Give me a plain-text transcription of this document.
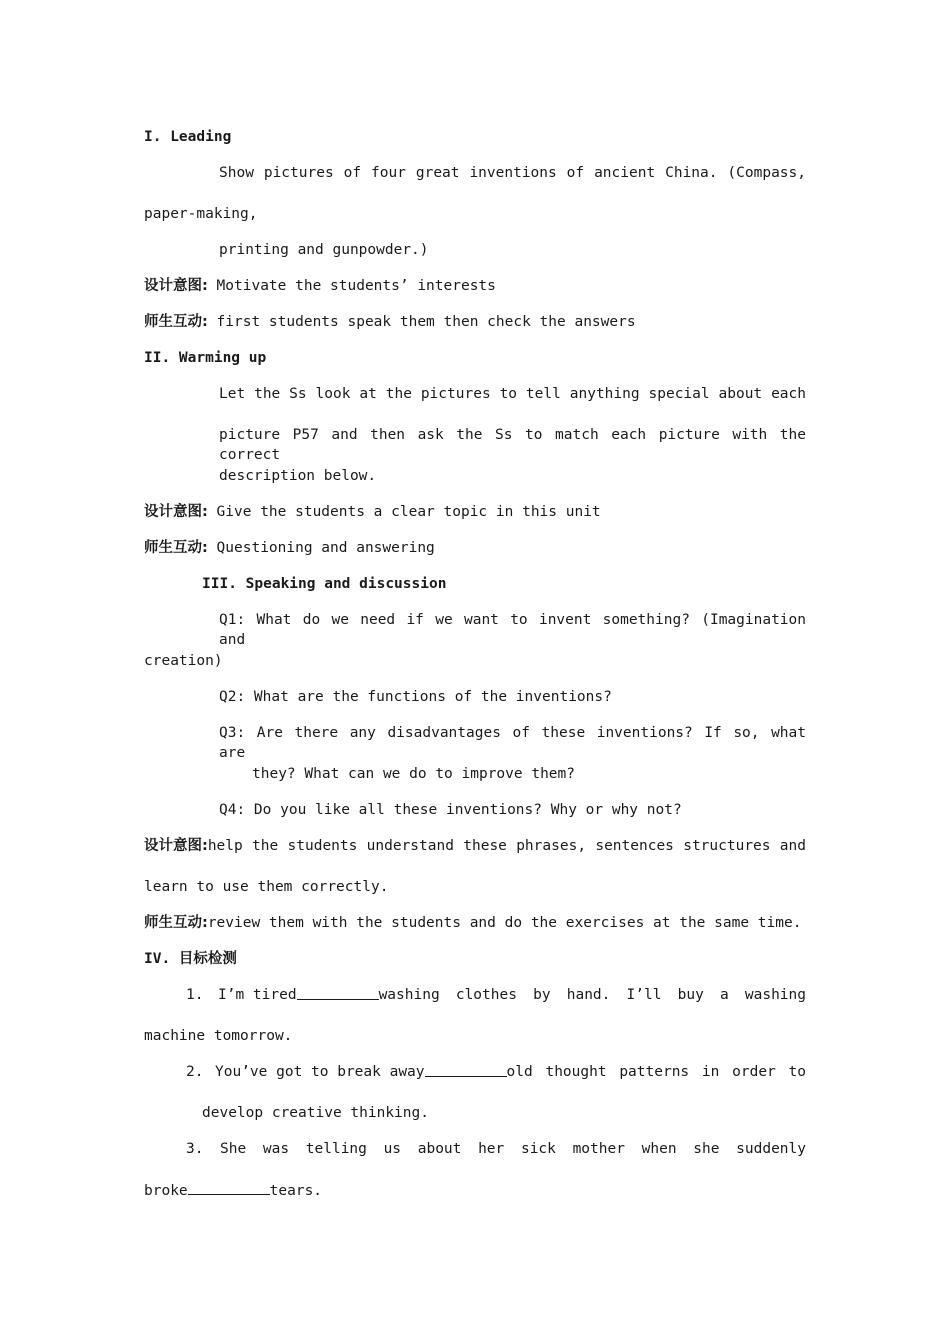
I. Leading
Show pictures of four great inventions of ancient China. (Compass,
paper-making,
printing and gunpowder.)
设计意图: Motivate the students’ interests
师生互动: first students speak them then check the answers
II. Warming up
Let the Ss look at the pictures to tell anything special about each
picture P57 and then ask the Ss to match each picture with the correct
description below.
设计意图: Give the students a clear topic in this unit
师生互动: Questioning and answering
III. Speaking and discussion
Q1: What do we need if we want to invent something? (Imagination and
creation)
Q2: What are the functions of the inventions?
Q3: Are there any disadvantages of these inventions? If so, what are
they? What can we do to improve them?
Q4: Do you like all these inventions? Why or why not?
设计意图: help the students understand these phrases, sentences structures and
learn to use them correctly.
师生互动:review them with the students and do the exercises at the same time.
IV. 目标检测
1. I’m tired	washing clothes by hand. I’ll buy a washing
machine tomorrow.
2. You’ve got to break away	old thought patterns in order to
develop creative thinking.
3. She was telling us about her sick mother when she suddenly
broke	tears.
